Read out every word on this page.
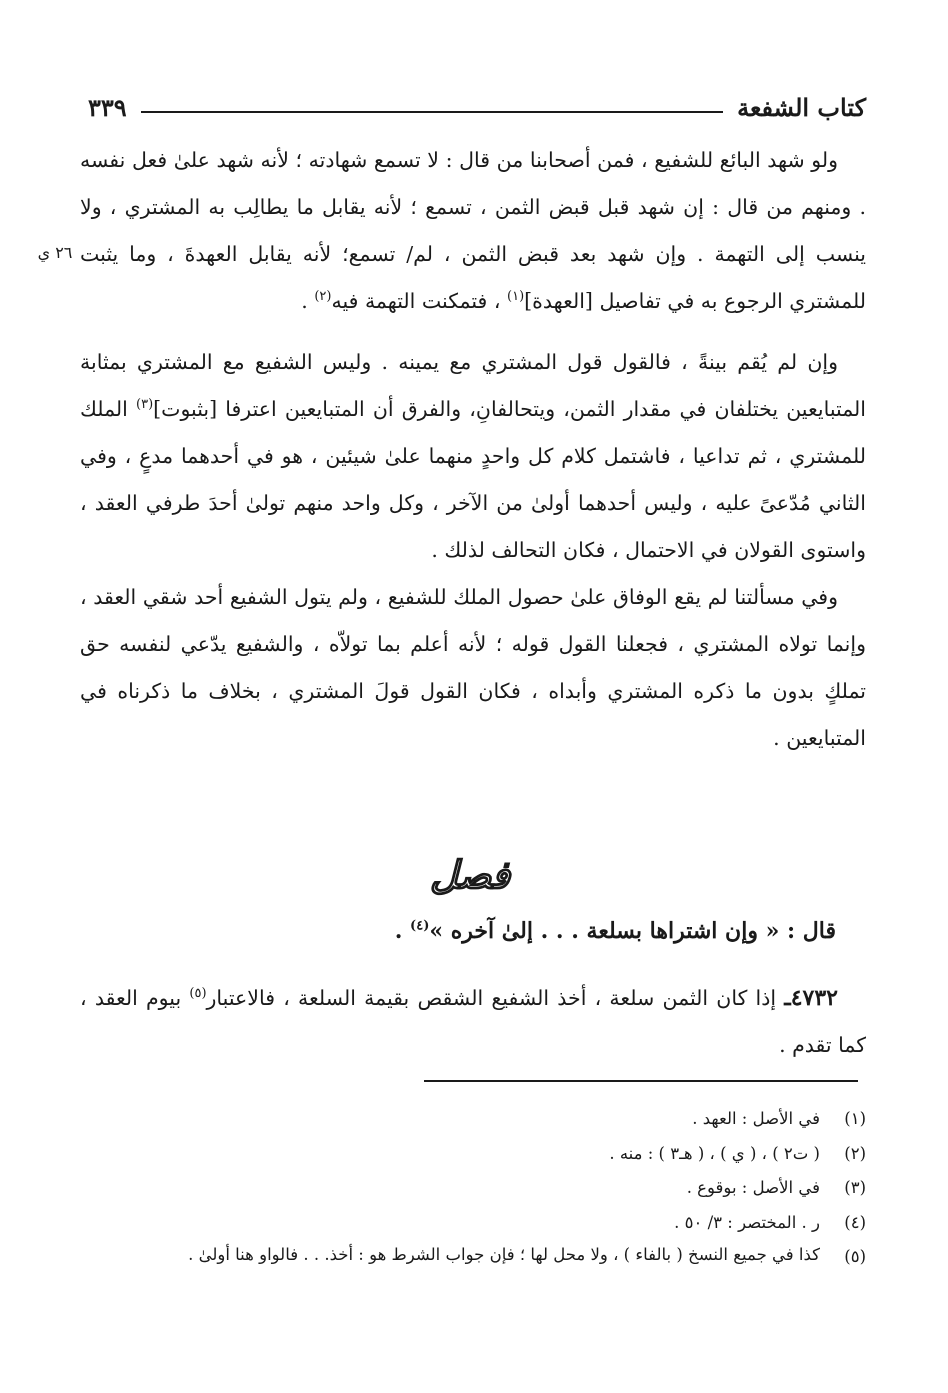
كتاب الشفعة
٣٣٩
٢٦ ي

ولو شهد البائع للشفيع ، فمن أصحابنا من قال : لا تسمع شهادته ؛ لأنه شهد علىٰ فعل نفسه . ومنهم من قال : إن شهد قبل قبض الثمن ، تسمع ؛ لأنه يقابل ما يطالِب به المشتري ، ولا ينسب إلى التهمة . وإن شهد بعد قبض الثمن ، لم/ تسمع؛ لأنه يقابل العهدةَ ، وما يثبت للمشتري الرجوع به في تفاصيل [العهدة]$^{(١)}$ ، فتمكنت التهمة فيه$^{(٢)}$ .

وإن لم يُقم بينةً ، فالقول قول المشتري مع يمينه . وليس الشفيع مع المشتري بمثابة المتبايعين يختلفان في مقدار الثمن، ويتحالفانِ، والفرق أن المتبايعين اعترفا [بثبوت]$^{(٣)}$ الملك للمشتري ، ثم تداعيا ، فاشتمل كلام كل واحدٍ منهما علىٰ شيئين ، هو في أحدهما مدعٍ ، وفي الثاني مُدّعىً عليه ، وليس أحدهما أولىٰ من الآخر ، وكل واحد منهم تولىٰ أحدَ طرفي العقد ، واستوى القولان في الاحتمال ، فكان التحالف لذلك .

وفي مسألتنا لم يقع الوفاق علىٰ حصول الملك للشفيع ، ولم يتول الشفيع أحد شقي العقد ، وإنما تولاه المشتري ، فجعلنا القول قوله ؛ لأنه أعلم بما تولاّه ، والشفيع يدّعي لنفسه حق تملكٍ بدون ما ذكره المشتري وأبداه ، فكان القول قولَ المشتري ، بخلاف ما ذكرناه في المتبايعين .

فصل
قال : « وإن اشتراها بسلعة . . . إلىٰ آخره »$^{(٤)}$ .

٤٧٣٢ـ إذا كان الثمن سلعة ، أخذ الشفيع الشقص بقيمة السلعة ، فالاعتبار$^{(٥)}$ بيوم العقد ، كما تقدم .

(١)
في الأصل : العهد .
(٢)
( ت٢ ) ، ( ي ) ، ( هـ٣ ) : منه .
(٣)
في الأصل : بوقوع .
(٤)
ر . المختصر : ٣/ ٥٠ .
(٥)
كذا في جميع النسخ ( بالفاء ) ، ولا محل لها ؛ فإن جواب الشرط هو : أخذ. . . فالواو هنا أولىٰ .
